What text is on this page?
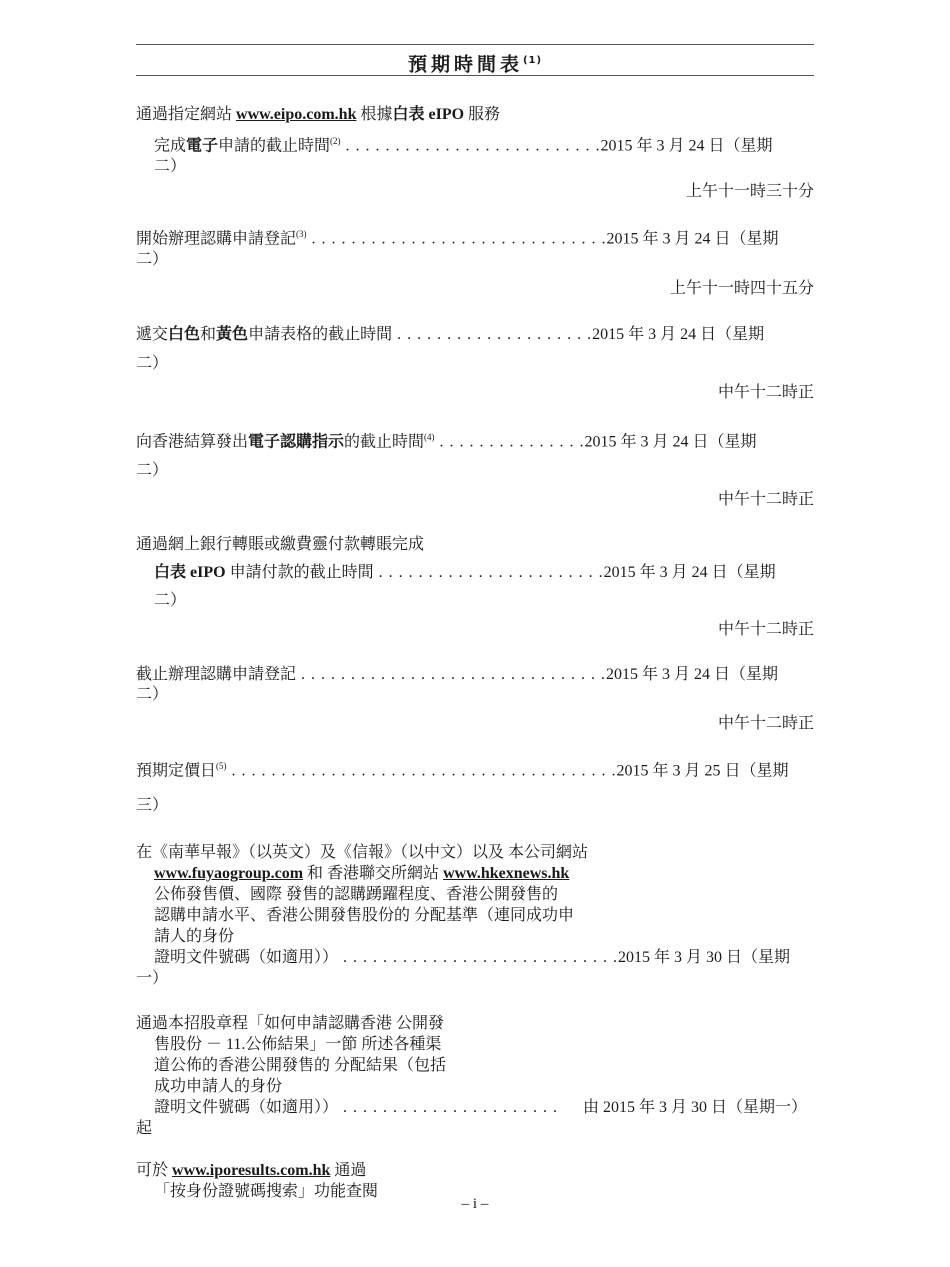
預期時間表$^{(1)}$
通過指定網站 www.eipo.com.hk 根據白表 eIPO 服務
完成電子申請的截止時間$^{(2)}$ . . . . . . . . . . . . . . . . . . . . . . . . . .2015 年 3 月 24 日（星期
二）
上午十一時三十分
開始辦理認購申請登記$^{(3)}$ . . . . . . . . . . . . . . . . . . . . . . . . . . . . . .2015 年 3 月 24 日（星期
二）
上午十一時四十五分
遞交白色和黃色申請表格的截止時間 . . . . . . . . . . . . . . . . . . . .2015 年 3 月 24 日（星期
二）
中午十二時正
向香港結算發出電子認購指示的截止時間$^{(4)}$ . . . . . . . . . . . . . . .2015 年 3 月 24 日（星期
二）
中午十二時正
通過網上銀行轉賬或繳費靈付款轉賬完成
白表 eIPO 申請付款的截止時間 . . . . . . . . . . . . . . . . . . . . . . .2015 年 3 月 24 日（星期
二）
中午十二時正
截止辦理認購申請登記 . . . . . . . . . . . . . . . . . . . . . . . . . . . . . . .2015 年 3 月 24 日（星期
二）
中午十二時正
預期定價日$^{(5)}$ . . . . . . . . . . . . . . . . . . . . . . . . . . . . . . . . . . . . . . .2015 年 3 月 25 日（星期
三）
在《南華早報》（以英文）及《信報》（以中文）以及 本公司網站
www.fuyaogroup.com 和 香港聯交所網站 www.hkexnews.hk
公佈發售價、國際 發售的認購踴躍程度、香港公開發售的
認購申請水平、香港公開發售股份的 分配基準（連同成功申
請人的身份
證明文件號碼（如適用）） . . . . . . . . . . . . . . . . . . . . . . . . . . . .2015 年 3 月 30 日（星期
一）
通過本招股章程「如何申請認購香港 公開發
售股份 － 11.公佈結果」一節 所述各種渠
道公佈的香港公開發售的 分配結果（包括
成功申請人的身份
證明文件號碼（如適用）） . . . . . . . . . . . . . . . . . . . . . . 由 2015 年 3 月 30 日（星期一）
起
可於 www.iporesults.com.hk 通過
「按身份證號碼搜索」功能查閱
– i –
